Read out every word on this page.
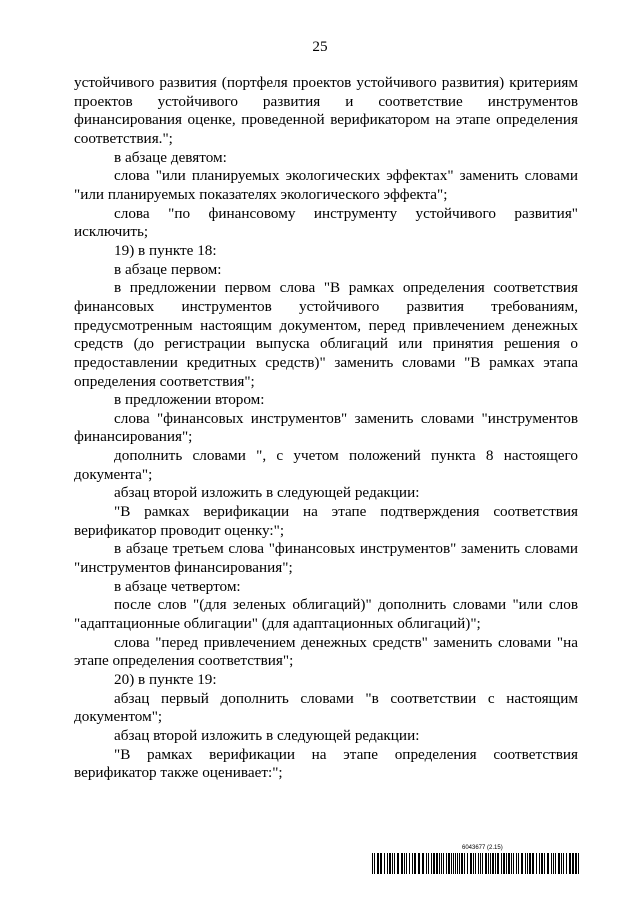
25

устойчивого развития (портфеля проектов устойчивого развития) критериям проектов устойчивого развития и соответствие инструментов финансирования оценке, проведенной верификатором на этапе определения соответствия.";

в абзаце девятом:

слова "или планируемых экологических эффектах" заменить словами "или планируемых показателях экологического эффекта";

слова "по финансовому инструменту устойчивого развития" исключить;

19) в пункте 18:

в абзаце первом:

в предложении первом слова "В рамках определения соответствия финансовых инструментов устойчивого развития требованиям, предусмотренным настоящим документом, перед привлечением денежных средств (до регистрации выпуска облигаций или принятия решения о предоставлении кредитных средств)" заменить словами "В рамках этапа определения соответствия";

в предложении втором:

слова "финансовых инструментов" заменить словами "инструментов финансирования";

дополнить словами ", с учетом положений пункта 8 настоящего документа";

абзац второй изложить в следующей редакции:

"В рамках верификации на этапе подтверждения соответствия верификатор проводит оценку:";

в абзаце третьем слова "финансовых инструментов" заменить словами "инструментов финансирования";

в абзаце четвертом:

после слов "(для зеленых облигаций)" дополнить словами "или слов "адаптационные облигации" (для адаптационных облигаций)";

слова "перед привлечением денежных средств" заменить словами "на этапе определения соответствия";

20) в пункте 19:

абзац первый дополнить словами "в соответствии с настоящим документом";

абзац второй изложить в следующей редакции:

"В рамках верификации на этапе определения соответствия верификатор также оценивает:";

6043677 (2.15)
